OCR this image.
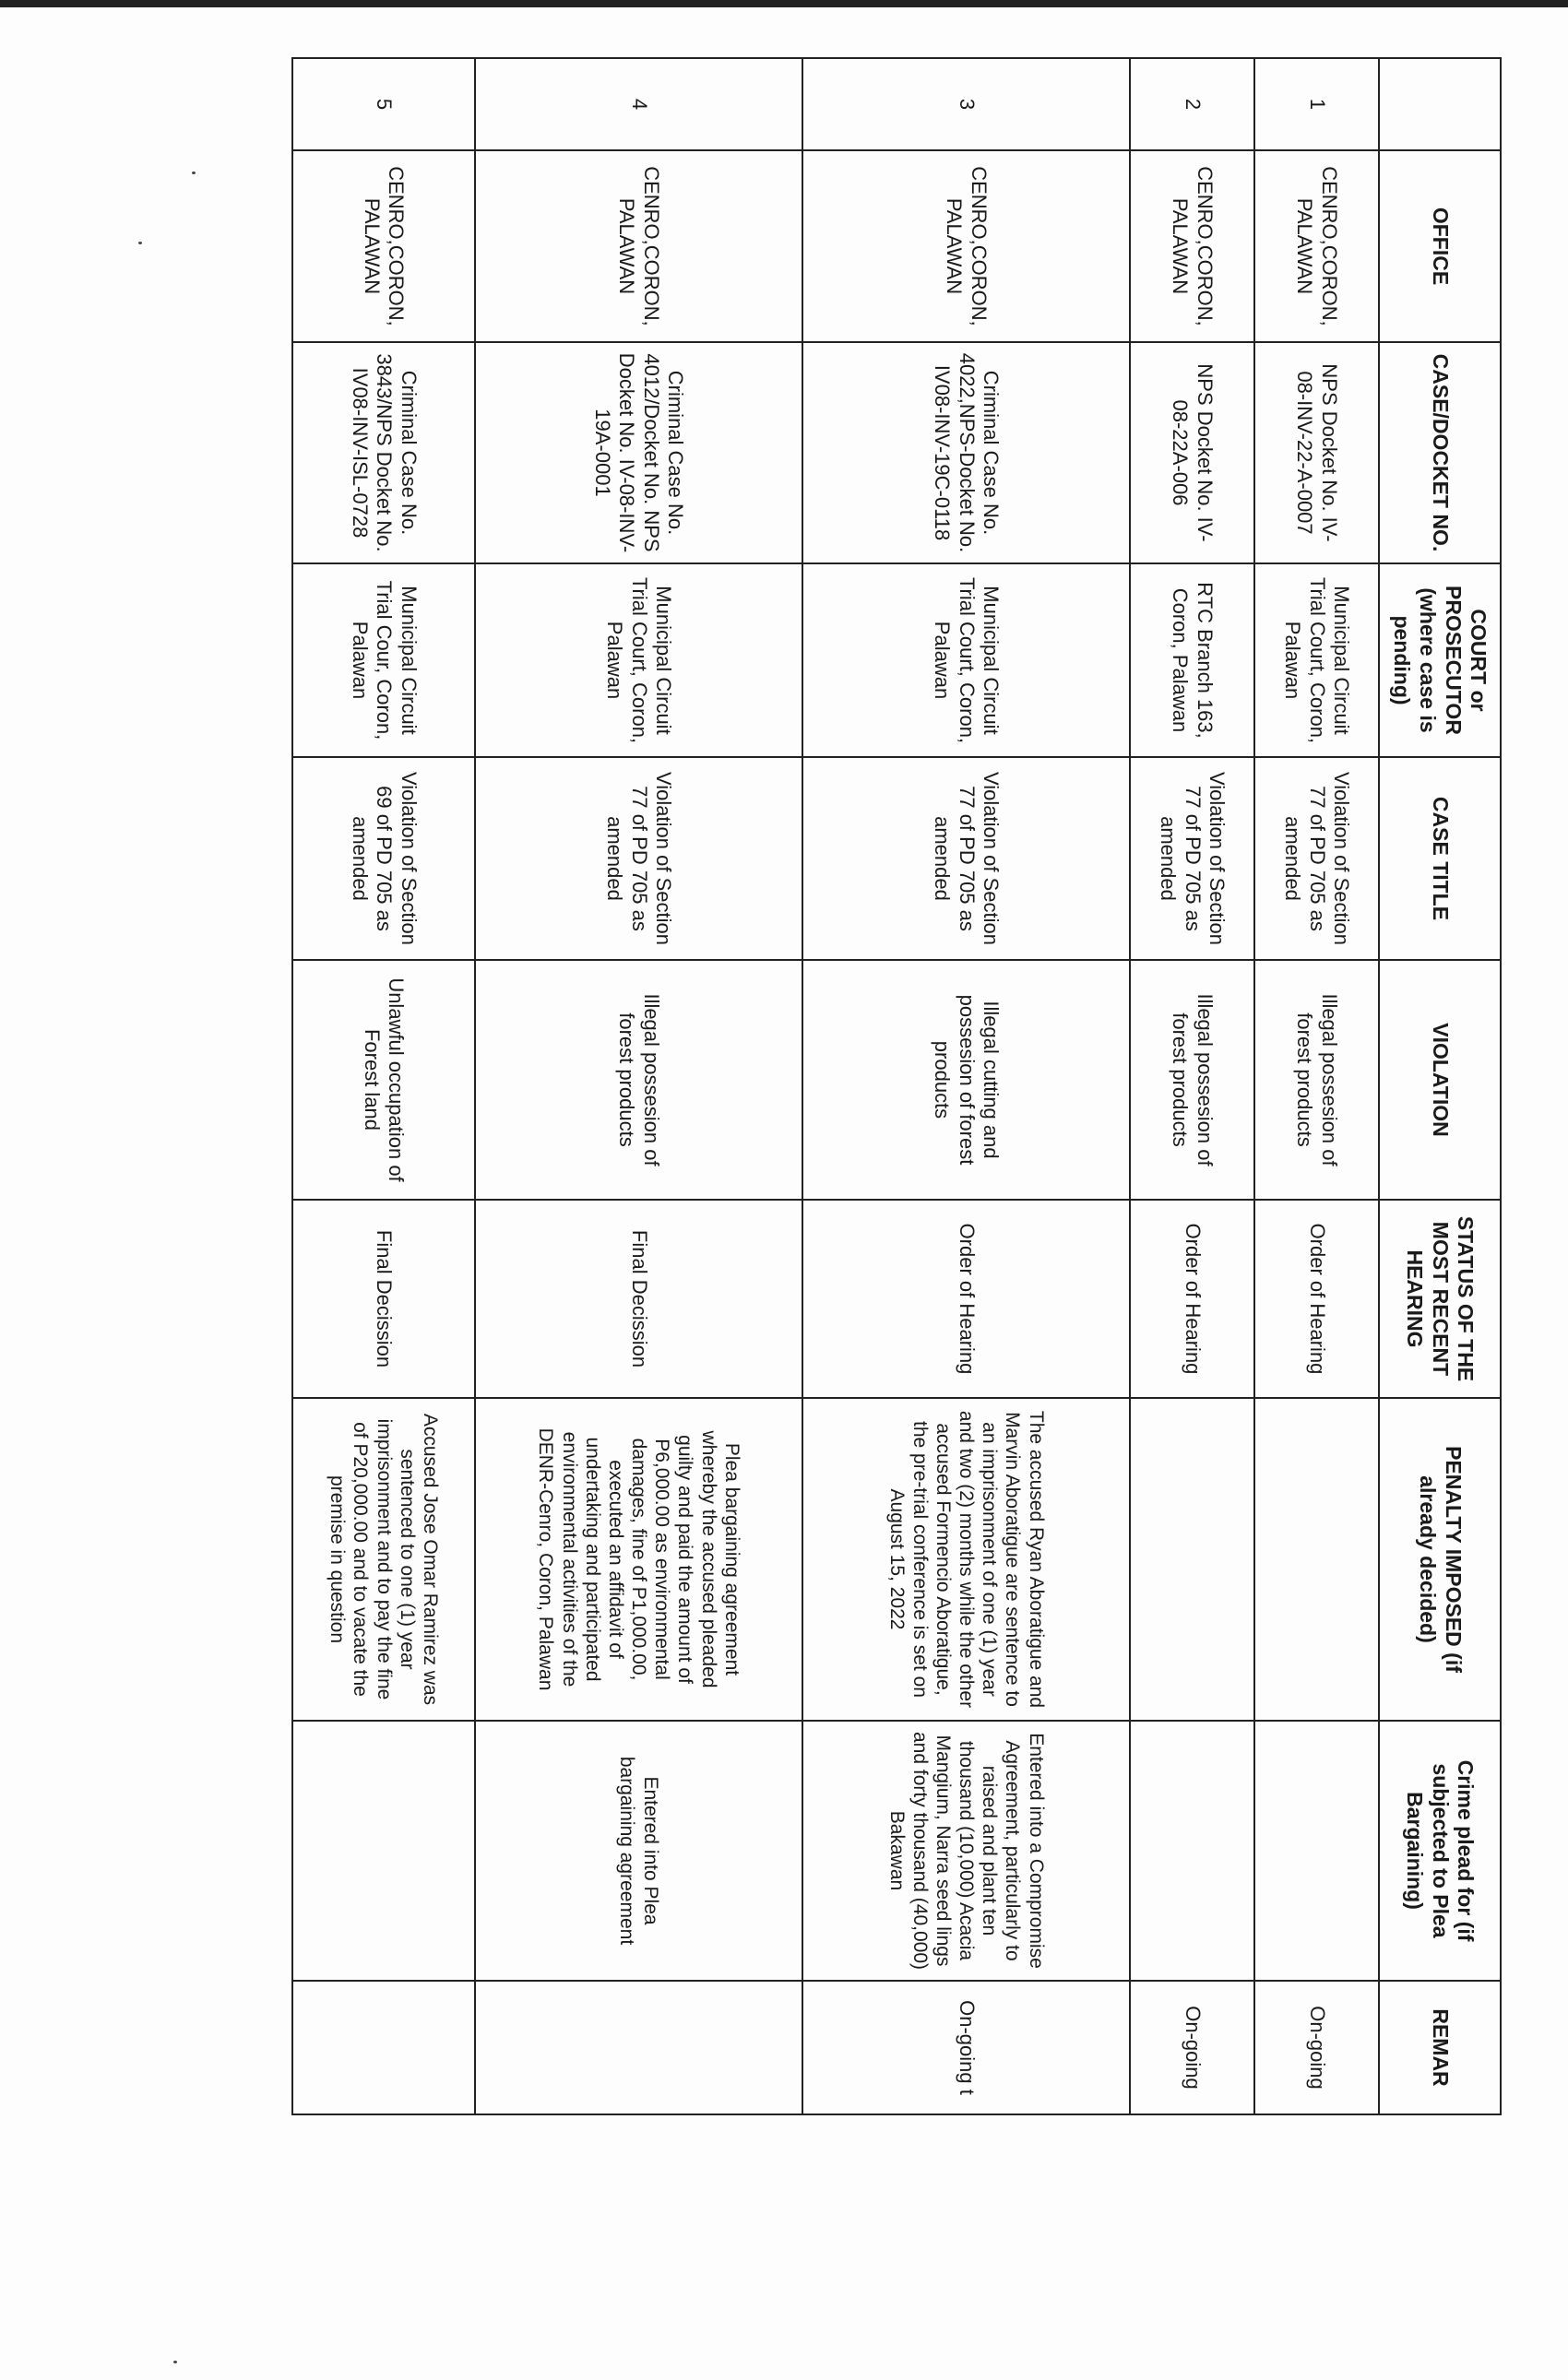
	OFFICE	CASE/DOCKET NO.	COURT or PROSECUTOR (where case is pending)	CASE TITLE	VIOLATION	STATUS OF THE MOST RECENT HEARING	PENALTY IMPOSED (if already decided)	Crime plead for (if subjected to Plea Bargaining)	REMAR
1	CENRO,CORON, PALAWAN	NPS Docket No. IV-08-INV-22-A-0007	Municipal Circuit Trial Court, Coron, Palawan	Violation of Section 77 of PD 705 as amended	Illegal possesion of forest products	Order of Hearing			On-going
2	CENRO,CORON, PALAWAN	NPS Docket No. IV-08-22A-006	RTC Branch 163, Coron, Palawan	Violation of Section 77 of PD 705 as amended	Illegal possesion of forest products	Order of Hearing			On-going
3	CENRO,CORON, PALAWAN	Criminal Case No. 4022,NPS-Docket No. IV08-INV-19C-0118	Municipal Circuit Trial Court, Coron, Palawan	Violation of Section 77 of PD 705 as amended	Illegal cutting and possesion of forest products	Order of Hearing	The accused Ryan Aboratigue and Marvin Aboratigue are sentence to an imprisonment of one (1) year and two (2) months while the other accused Formencio Aboratigue, the pre-trial conference is set on August 15, 2022	Entered into a Compromise Agreement, particularly to raised and plant ten thousand (10,000) Acacia Mangium, Narra seed lings and forty thousand (40,000) Bakawan	On-going t
4	CENRO,CORON, PALAWAN	Criminal Case No. 4012/Docket No. NPS Docket No. IV-08-INV-19A-0001	Municipal Circuit Trial Court, Coron, Palawan	Violation of Section 77 of PD 705 as amended	Illegal possesion of forest products	Final Decission	Plea bargaining agreement whereby the accused pleaded guilty and paid the amount of P6,000.00 as environmental damages, fine of P1,000.00, executed an affidavit of undertaking and participated environmental activities of the DENR-Cenro, Coron, Palawan	Entered into Plea bargaining agreement	
5	CENRO,CORON, PALAWAN	Criminal Case No. 3843/NPS Docket No. IV08-INV-ISL-0728	Municipal Circuit Trial Cour, Coron, Palawan	Violation of Section 69 of PD 705 as amended	Unlawful occupation of Forest land	Final Decission	Accused Jose Omar Ramirez was sentenced to one (1) year imprisonment and to pay the fine of P20,000.00 and to vacate the premise in question		
